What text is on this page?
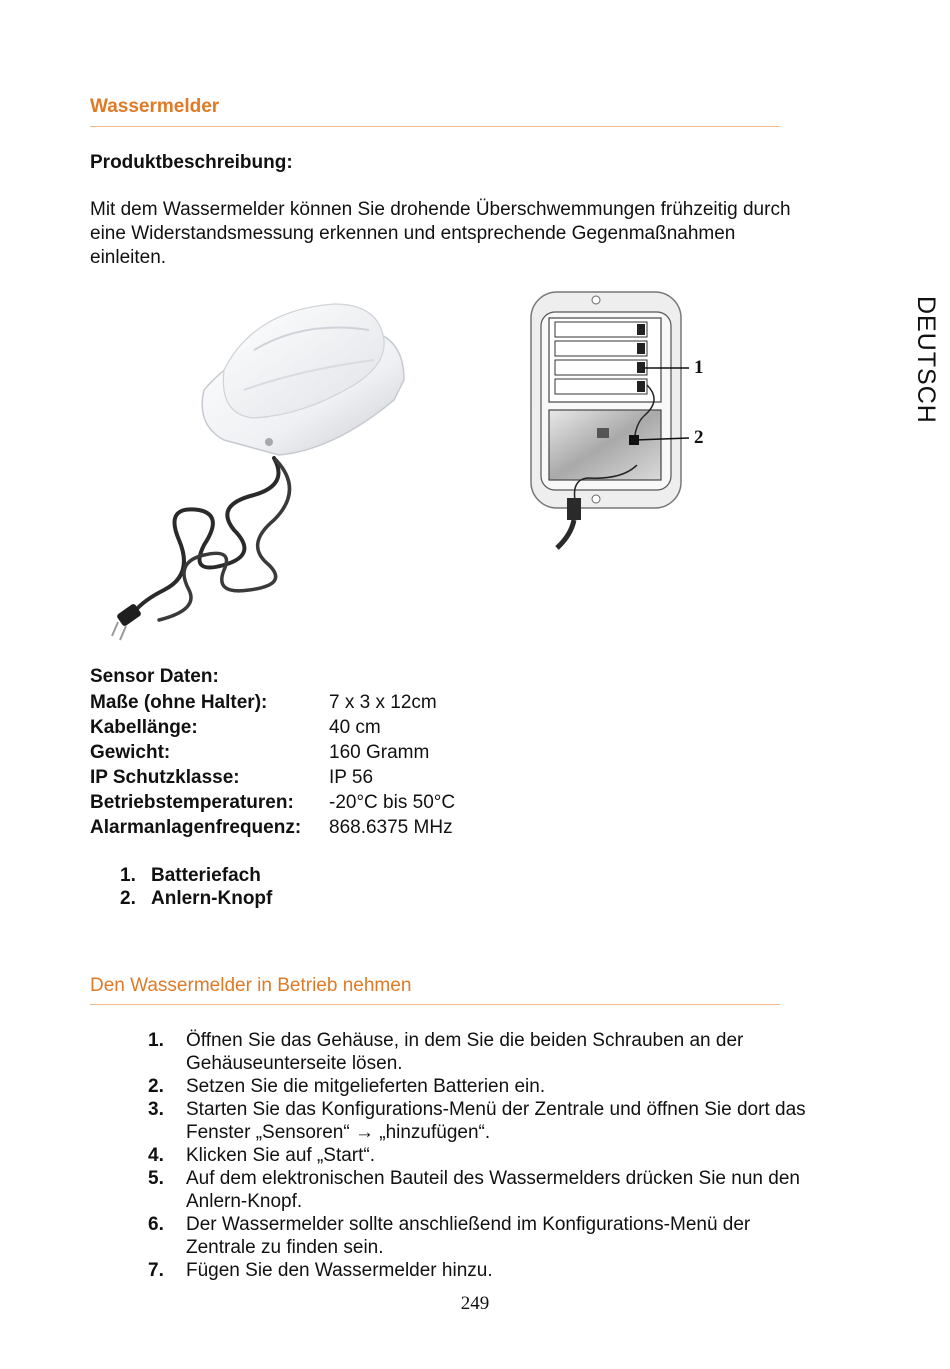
Wassermelder
Produktbeschreibung:
Mit dem Wassermelder können Sie drohende Überschwemmungen frühzeitig durch
eine Widerstandsmessung erkennen und entsprechende Gegenmaßnahmen
einleiten.
DEUTSCH
1
2
Sensor Daten:
Maße (ohne Halter):	7 x 3 x 12cm
Kabellänge:	40 cm
Gewicht:	160 Gramm
IP Schutzklasse:	IP 56
Betriebstemperaturen:	-20°C bis 50°C
Alarmanlagenfrequenz:	868.6375 MHz
1. Batteriefach
2. Anlern-Knopf
Den Wassermelder in Betrieb nehmen
1. Öffnen Sie das Gehäuse, in dem Sie die beiden Schrauben an der
Gehäuseunterseite lösen.
2. Setzen Sie die mitgelieferten Batterien ein.
3. Starten Sie das Konfigurations-Menü der Zentrale und öffnen Sie dort das
Fenster „Sensoren“ → „hinzufügen“.
4. Klicken Sie auf „Start“.
5. Auf dem elektronischen Bauteil des Wassermelders drücken Sie nun den
Anlern-Knopf.
6. Der Wassermelder sollte anschließend im Konfigurations-Menü der
Zentrale zu finden sein.
7. Fügen Sie den Wassermelder hinzu.
249
